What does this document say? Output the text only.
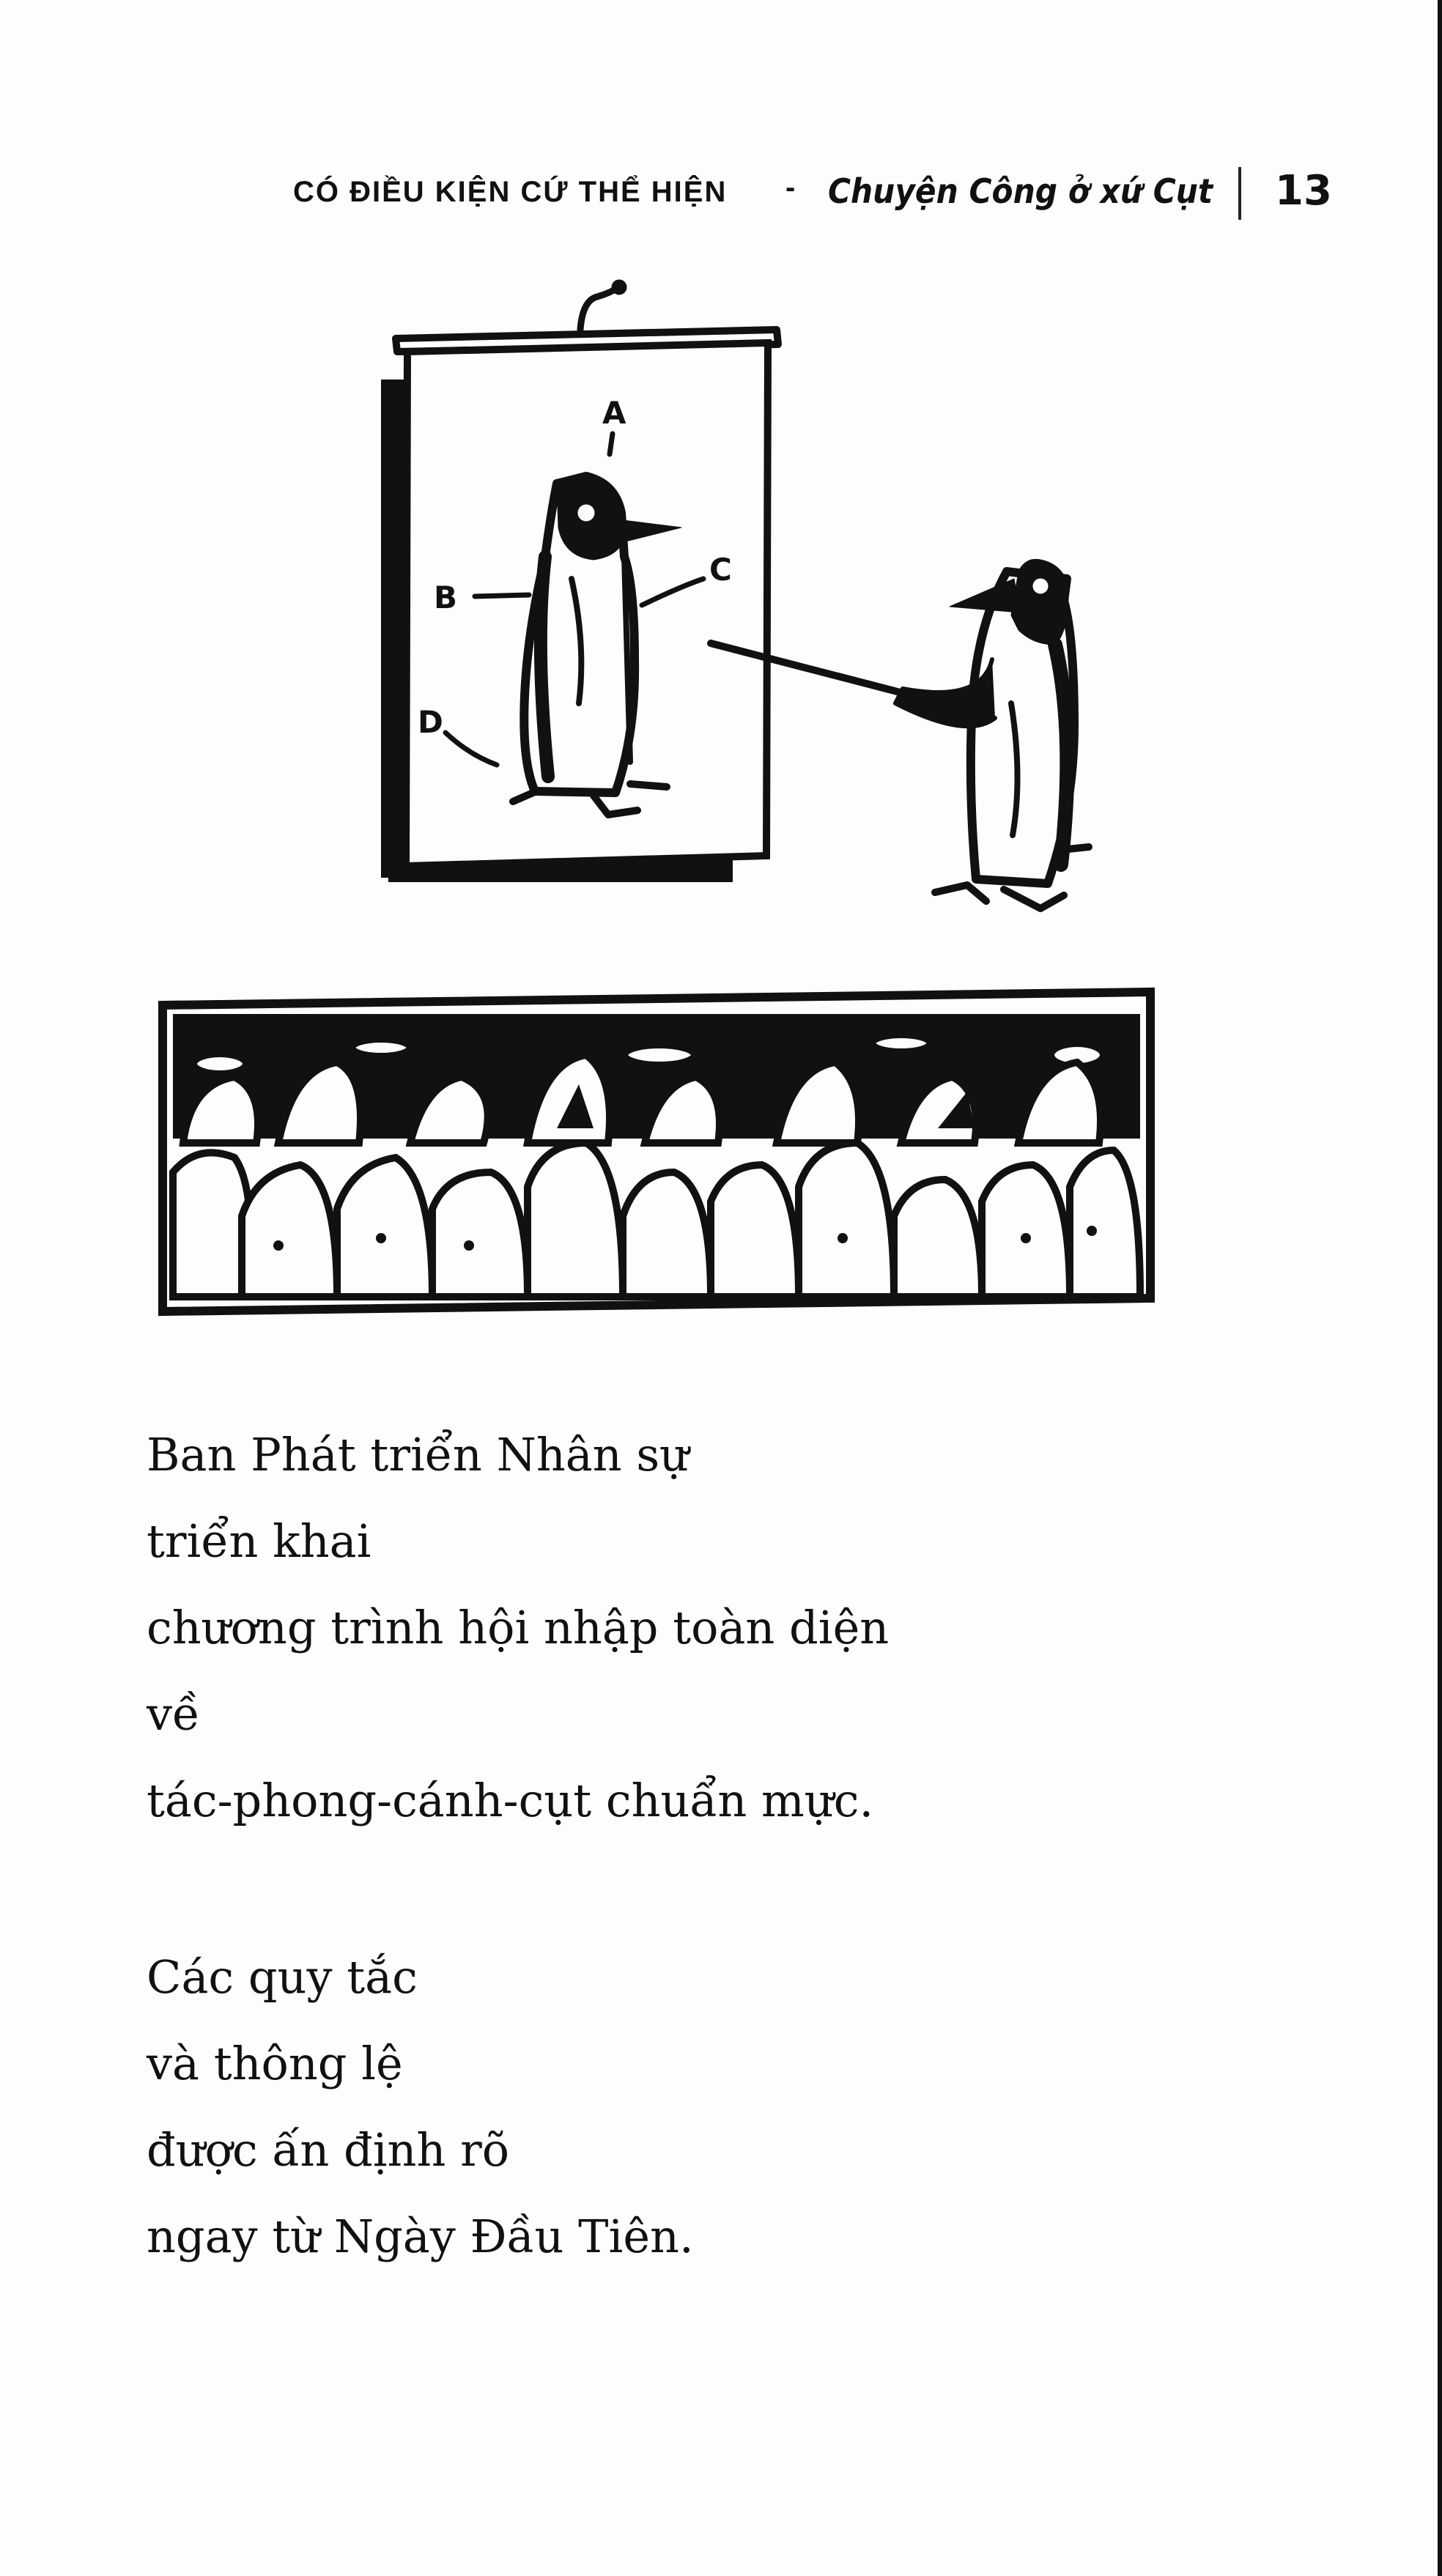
CÓ ĐIỀU KIỆN CỨ THỂ HIỆN - Chuyện Công ở xứ Cụt 13
A
B
C
D
Ban Phát triển Nhân sự
triển khai
chương trình hội nhập toàn diện
về
tác-phong-cánh-cụt chuẩn mực.
Các quy tắc
và thông lệ
được ấn định rõ
ngay từ Ngày Đầu Tiên.
